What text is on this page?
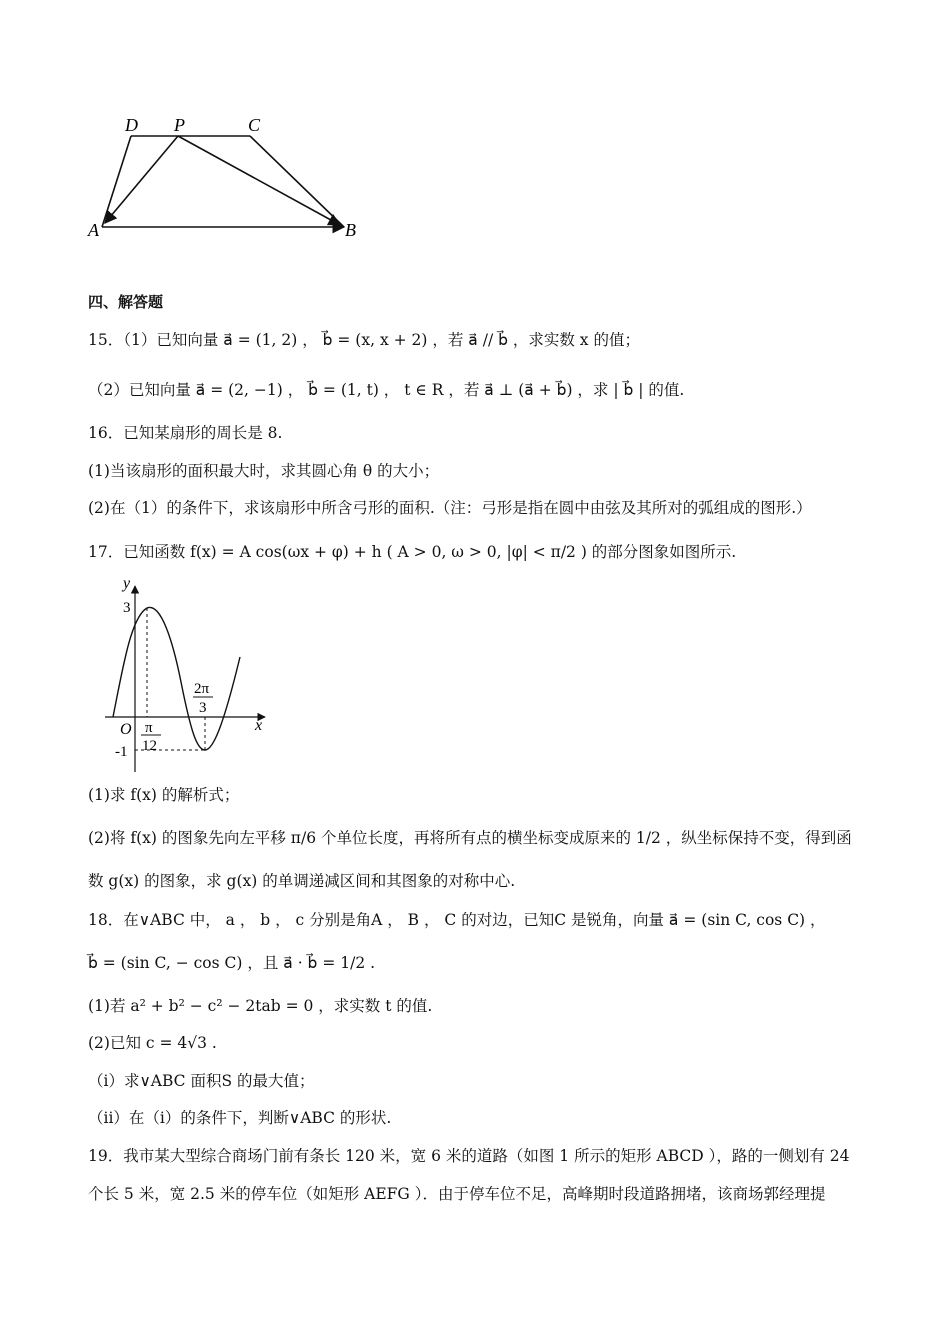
D P	C
A	B
四、解答题
15．（1）已知向量 a⃗ = (1, 2) ， b⃗ = (x, x + 2) ，若 a⃗ // b⃗ ，求实数 x 的值；
（2）已知向量 a⃗ = (2, −1) ， b⃗ = (1, t) ， t ∈ R ，若 a⃗ ⊥ (a⃗ + b⃗) ，求 | b⃗ | 的值.
16．已知某扇形的周长是 8.
(1)当该扇形的面积最大时，求其圆心角 θ 的大小；
(2)在（1）的条件下，求该扇形中所含弓形的面积.（注：弓形是指在圆中由弦及其所对的弧组成的图形.）
17．已知函数 f(x) = A cos(ωx + φ) + h ( A > 0, ω > 0, |φ| < π/2 ) 的部分图象如图所示.
y
x
O
3
-1
π
12
2π
3
(1)求 f(x) 的解析式；
(2)将 f(x) 的图象先向左平移 π/6 个单位长度，再将所有点的横坐标变成原来的 1/2 ，纵坐标保持不变，得到函
数 g(x) 的图象，求 g(x) 的单调递减区间和其图象的对称中心.
18．在∨ABC 中， a ， b ， c 分别是角A ， B ， C 的对边，已知C 是锐角，向量 a⃗ = (sin C, cos C) ，
b⃗ = (sin C, − cos C) ，且 a⃗ · b⃗ = 1/2 .
(1)若 a² + b² − c² − 2tab = 0 ，求实数 t 的值.
(2)已知 c = 4√3 .
（i）求∨ABC 面积S 的最大值；
（ii）在（i）的条件下，判断∨ABC 的形状.
19．我市某大型综合商场门前有条长 120 米，宽 6 米的道路（如图 1 所示的矩形 ABCD ），路的一侧划有 24
个长 5 米，宽 2.5 米的停车位（如矩形 AEFG ）．由于停车位不足，高峰期时段道路拥堵，该商场郭经理提
